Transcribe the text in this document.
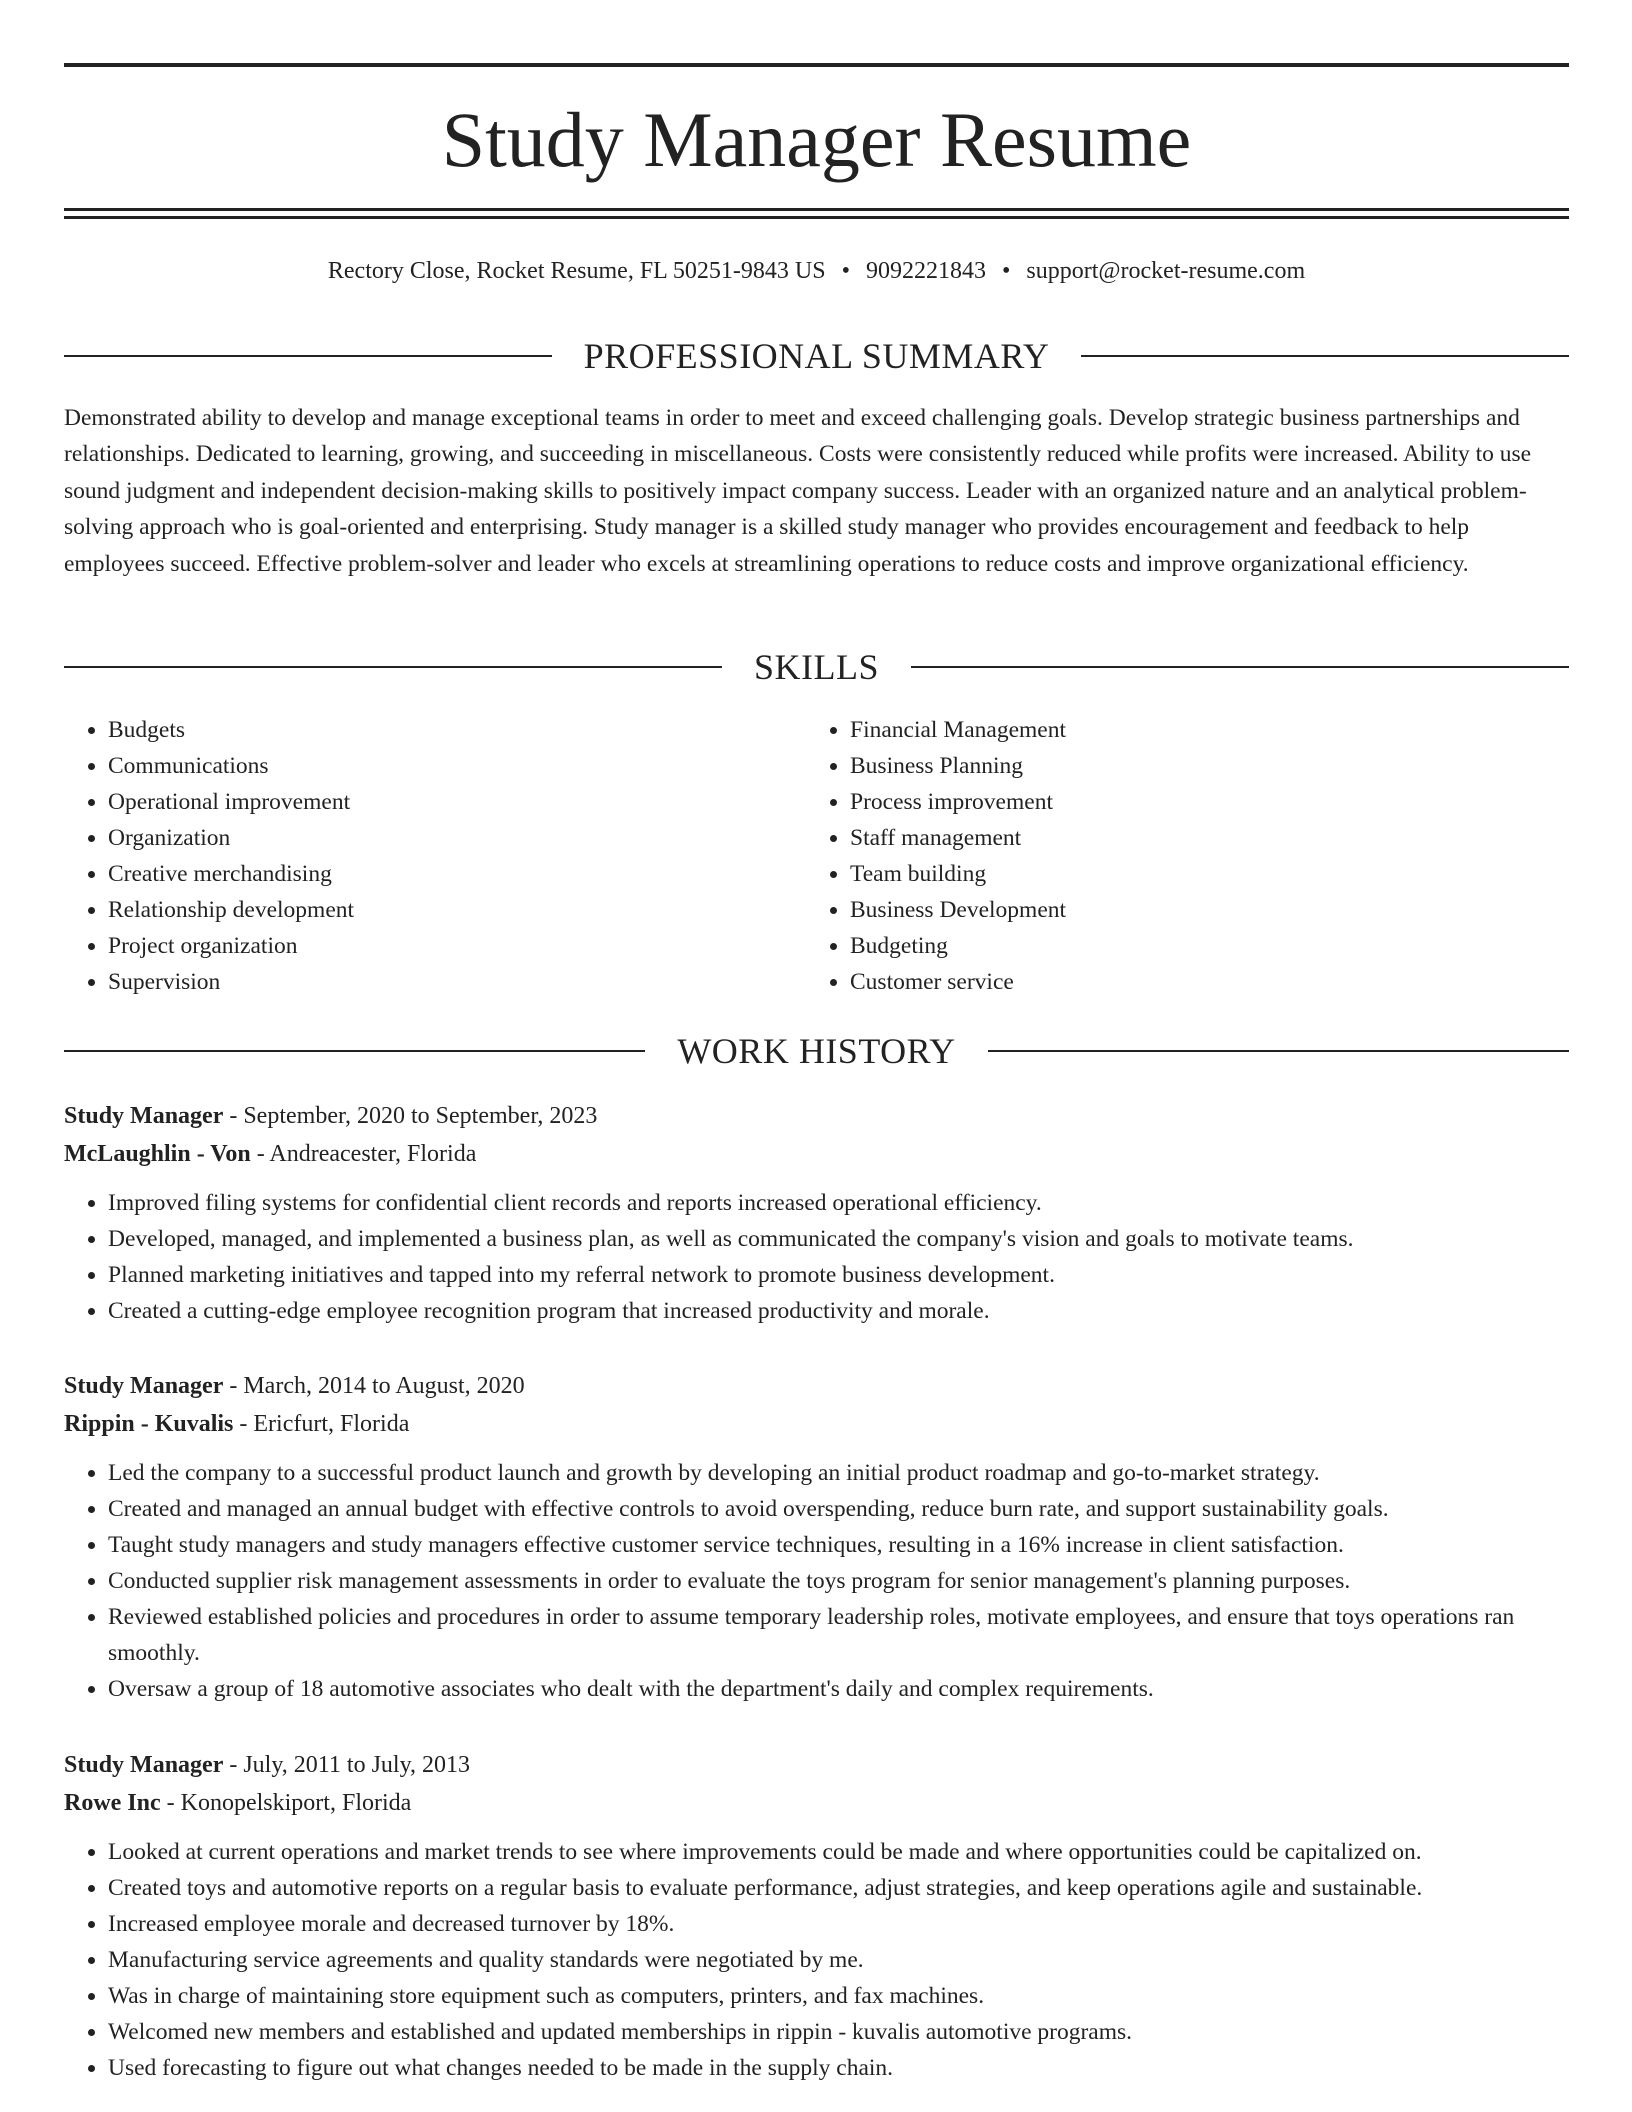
Study Manager Resume
Rectory Close, Rocket Resume, FL 50251-9843 US • 9092221843 • support@rocket-resume.com
PROFESSIONAL SUMMARY

Demonstrated ability to develop and manage exceptional teams in order to meet and exceed challenging goals. Develop strategic business partnerships and relationships. Dedicated to learning, growing, and succeeding in miscellaneous. Costs were consistently reduced while profits were increased. Ability to use sound judgment and independent decision-making skills to positively impact company success. Leader with an organized nature and an analytical problem-solving approach who is goal-oriented and enterprising. Study manager is a skilled study manager who provides encouragement and feedback to help employees succeed. Effective problem-solver and leader who excels at streamlining operations to reduce costs and improve organizational efficiency.

SKILLS
• Budgets
• Communications
• Operational improvement
• Organization
• Creative merchandising
• Relationship development
• Project organization
• Supervision
• Financial Management
• Business Planning
• Process improvement
• Staff management
• Team building
• Business Development
• Budgeting
• Customer service
WORK HISTORY
Study Manager - September, 2020 to September, 2023
McLaughlin - Von - Andreacester, Florida
• Improved filing systems for confidential client records and reports increased operational efficiency.
• Developed, managed, and implemented a business plan, as well as communicated the company's vision and goals to motivate teams.
• Planned marketing initiatives and tapped into my referral network to promote business development.
• Created a cutting-edge employee recognition program that increased productivity and morale.
Study Manager - March, 2014 to August, 2020
Rippin - Kuvalis - Ericfurt, Florida
• Led the company to a successful product launch and growth by developing an initial product roadmap and go-to-market strategy.
• Created and managed an annual budget with effective controls to avoid overspending, reduce burn rate, and support sustainability goals.
• Taught study managers and study managers effective customer service techniques, resulting in a 16% increase in client satisfaction.
• Conducted supplier risk management assessments in order to evaluate the toys program for senior management's planning purposes.
• Reviewed established policies and procedures in order to assume temporary leadership roles, motivate employees, and ensure that toys operations ran smoothly.
• Oversaw a group of 18 automotive associates who dealt with the department's daily and complex requirements.
Study Manager - July, 2011 to July, 2013
Rowe Inc - Konopelskiport, Florida
• Looked at current operations and market trends to see where improvements could be made and where opportunities could be capitalized on.
• Created toys and automotive reports on a regular basis to evaluate performance, adjust strategies, and keep operations agile and sustainable.
• Increased employee morale and decreased turnover by 18%.
• Manufacturing service agreements and quality standards were negotiated by me.
• Was in charge of maintaining store equipment such as computers, printers, and fax machines.
• Welcomed new members and established and updated memberships in rippin - kuvalis automotive programs.
• Used forecasting to figure out what changes needed to be made in the supply chain.
